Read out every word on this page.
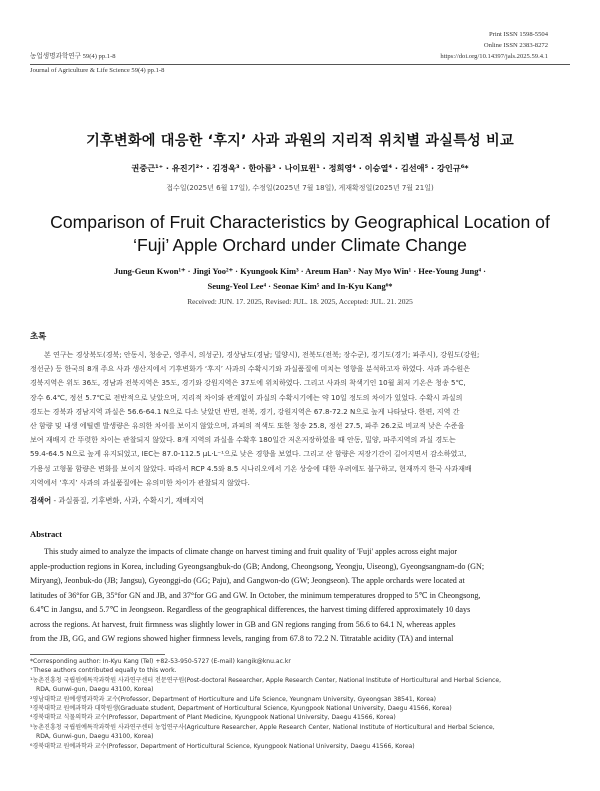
Print ISSN 1598-5504
Online ISSN 2383-8272
농업생명과학연구 59(4) pp.1-8	https://doi.org/10.14397/jals.2025.59.4.1
Journal of Agriculture & Life Science 59(4) pp.1-8
기후변화에 대응한 ‘후지’ 사과 과원의 지리적 위치별 과실특성 비교
권중근¹⁺ · 유진기²⁺ · 김경욱³ · 한아름³ · 나이묘윈¹ · 정희영⁴ · 이승열⁴ · 김선애⁵ · 강인규⁶*
접수일(2025년 6월 17일), 수정일(2025년 7월 18일), 게재확정일(2025년 7월 21일)
Comparison of Fruit Characteristics by Geographical Location of
‘Fuji’ Apple Orchard under Climate Change
Jung-Geun Kwon¹⁺ · Jingi Yoo²⁺ · Kyungook Kim³ · Areum Han³ · Nay Myo Win¹ · Hee-Young Jung⁴ ·
Seung-Yeol Lee⁴ · Seonae Kim⁵ and In-Kyu Kang⁶*
Received: JUN. 17. 2025, Revised: JUL. 18. 2025, Accepted: JUL. 21. 2025
초록
본 연구는 경상북도(경북; 안동시, 청송군, 영주시, 의성군), 경상남도(경남; 밀양시), 전북도(전북; 장수군), 경기도(경기; 파주시), 강원도(강원;
정선군) 등 한국의 8개 주요 사과 생산지에서 기후변화가 ‘후지’ 사과의 수확시기와 과실품질에 미치는 영향을 분석하고자 하였다. 사과 과수원은
경북지역은 위도 36도, 경남과 전북지역은 35도, 경기와 강원지역은 37도에 위치하였다. 그리고 사과의 착색기인 10월 최저 기온은 청송 5℃,
장수 6.4℃, 정선 5.7℃로 전반적으로 낮았으며, 지리적 차이와 관계없이 과실의 수확시기에는 약 10일 정도의 차이가 있었다. 수확시 과실의
경도는 경북과 경남지역 과실은 56.6-64.1 N으로 다소 낮았던 반면, 전북, 경기, 강원지역은 67.8-72.2 N으로 높게 나타났다. 한편, 지역 간
산 함량 및 내생 에틸렌 발생량은 유의한 차이를 보이지 않았으며, 과피의 적색도 또한 청송 25.8, 정선 27.5, 파주 26.2로 비교적 낮은 수준을
보여 재배지 간 뚜렷한 차이는 관찰되지 않았다. 8개 지역의 과실을 수확후 180일간 저온저장하였을 때 안동, 밀양, 파주지역의 과실 경도는
59.4-64.5 N으로 높게 유지되었고, IEC는 87.0-112.5 μL·L⁻¹으로 낮은 경향을 보였다. 그리고 산 함량은 저장기간이 길어지면서 감소하였고,
가용성 고형물 함량은 변화를 보이지 않았다. 따라서 RCP 4.5와 8.5 시나리오에서 기온 상승에 대한 우려에도 불구하고, 현재까지 한국 사과재배
지역에서 ‘후지’ 사과의 과실품질에는 유의미한 차이가 관찰되지 않았다.
검색어 - 과실품질, 기후변화, 사과, 수확시기, 재배지역
Abstract
This study aimed to analyze the impacts of climate change on harvest timing and fruit quality of 'Fuji' apples across eight major
apple-production regions in Korea, including Gyeongsangbuk-do (GB; Andong, Cheongsong, Yeongju, Uiseong), Gyeongsangnam-do (GN;
Miryang), Jeonbuk-do (JB; Jangsu), Gyeonggi-do (GG; Paju), and Gangwon-do (GW; Jeongseon). The apple orchards were located at
latitudes of 36°for GB, 35°for GN and JB, and 37°for GG and GW. In October, the minimum temperatures dropped to 5℃ in Cheongsong,
6.4℃ in Jangsu, and 5.7℃ in Jeongseon. Regardless of the geographical differences, the harvest timing differed approximately 10 days
across the regions. At harvest, fruit firmness was slightly lower in GB and GN regions ranging from 56.6 to 64.1 N, whereas apples
from the JB, GG, and GW regions showed higher firmness levels, ranging from 67.8 to 72.2 N. Titratable acidity (TA) and internal
*Corresponding author: In-Kyu Kang (Tel) +82-53-950-5727 (E-mail) kangik@knu.ac.kr
⁺These authors contributed equally to this work.
¹농촌진흥청 국립원예특작과학원 사과연구센터 전문연구원(Post-doctoral Researcher, Apple Research Center, National Institute of Horticultural and Herbal Science,
RDA, Gunwi-gun, Daegu 43100, Korea)
²영남대학교 원예생명과학과 교수(Professor, Department of Horticulture and Life Science, Yeungnam University, Gyeongsan 38541, Korea)
³경북대학교 원예과학과 대학원생(Graduate student, Department of Horticultural Science, Kyungpook National University, Daegu 41566, Korea)
⁴경북대학교 식물의학과 교수(Professor, Department of Plant Medicine, Kyungpook National University, Daegu 41566, Korea)
⁵농촌진흥청 국립원예특작과학원 사과연구센터 농업연구사(Agriculture Researcher, Apple Research Center, National Institute of Horticultural and Herbal Science,
RDA, Gunwi-gun, Daegu 43100, Korea)
⁶경북대학교 원예과학과 교수(Professor, Department of Horticultural Science, Kyungpook National University, Daegu 41566, Korea)
